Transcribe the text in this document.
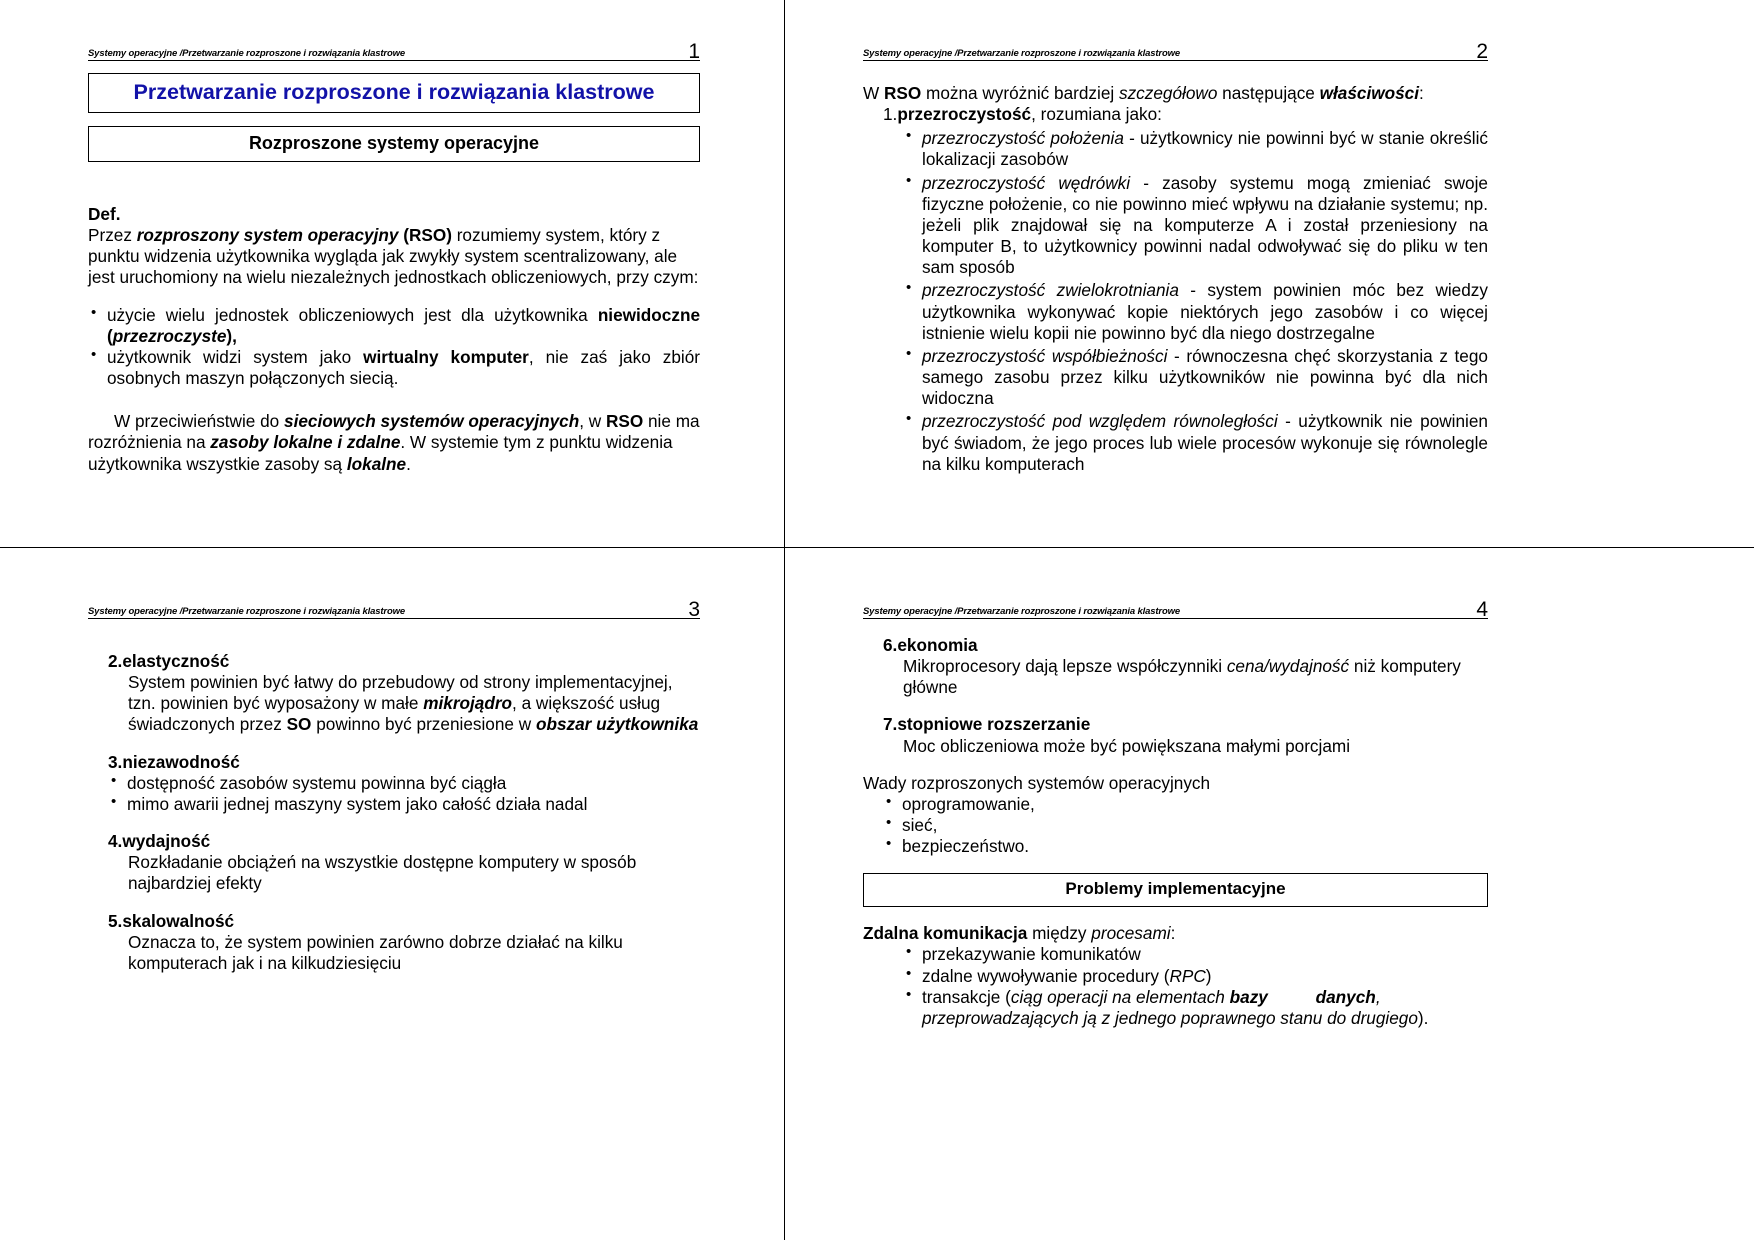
Systemy operacyjne /Przetwarzanie rozproszone i rozwiązania klastrowe	1
Przetwarzanie rozproszone i rozwiązania klastrowe
Rozproszone systemy operacyjne

Def.

Przez rozproszony system operacyjny (RSO) rozumiemy system, który z punktu widzenia użytkownika wygląda jak zwykły system scentralizowany, ale jest uruchomiony na wielu niezależnych jednostkach obliczeniowych, przy czym:

• użycie wielu jednostek obliczeniowych jest dla użytkownika niewidoczne (przezroczyste),
• użytkownik widzi system jako wirtualny komputer, nie zaś jako zbiór osobnych maszyn połączonych siecią.

W przeciwieństwie do sieciowych systemów operacyjnych, w RSO nie ma rozróżnienia na zasoby lokalne i zdalne. W systemie tym z punktu widzenia użytkownika wszystkie zasoby są lokalne.

Systemy operacyjne /Przetwarzanie rozproszone i rozwiązania klastrowe	2

W RSO można wyróżnić bardziej szczegółowo następujące właściwości:

1.przezroczystość, rozumiana jako:

• przezroczystość położenia - użytkownicy nie powinni być w stanie określić lokalizacji zasobów
• przezroczystość wędrówki - zasoby systemu mogą zmieniać swoje fizyczne położenie, co nie powinno mieć wpływu na działanie systemu; np. jeżeli plik znajdował się na komputerze A i został przeniesiony na komputer B, to użytkownicy powinni nadal odwoływać się do pliku w ten sam sposób
• przezroczystość zwielokrotniania - system powinien móc bez wiedzy użytkownika wykonywać kopie niektórych jego zasobów i co więcej istnienie wielu kopii nie powinno być dla niego dostrzegalne
• przezroczystość współbieżności - równoczesna chęć skorzystania z tego samego zasobu przez kilku użytkowników nie powinna być dla nich widoczna
• przezroczystość pod względem równoległości - użytkownik nie powinien być świadom, że jego proces lub wiele procesów wykonuje się równolegle na kilku komputerach
Systemy operacyjne /Przetwarzanie rozproszone i rozwiązania klastrowe	3

2.elastyczność

System powinien być łatwy do przebudowy od strony implementacyjnej, tzn. powinien być wyposażony w małe mikrojądro, a większość usług świadczonych przez SO powinno być przeniesione w obszar użytkownika

3.niezawodność

• dostępność zasobów systemu powinna być ciągła
• mimo awarii jednej maszyny system jako całość działa nadal

4.wydajność

Rozkładanie obciążeń na wszystkie dostępne komputery w sposób najbardziej efekty

5.skalowalność

Oznacza to, że system powinien zarówno dobrze działać na kilku komputerach jak i na kilkudziesięciu

Systemy operacyjne /Przetwarzanie rozproszone i rozwiązania klastrowe	4

6.ekonomia

Mikroprocesory dają lepsze współczynniki cena/wydajność niż komputery główne

7.stopniowe rozszerzanie

Moc obliczeniowa może być powiększana małymi porcjami

Wady rozproszonych systemów operacyjnych

• oprogramowanie,
• sieć,
• bezpieczeństwo.
Problemy implementacyjne

Zdalna komunikacja między procesami:

• przekazywanie komunikatów
• zdalne wywoływanie procedury (RPC)
• transakcje (ciąg operacji na elementach bazy	danych, przeprowadzających ją z jednego poprawnego stanu do drugiego).
